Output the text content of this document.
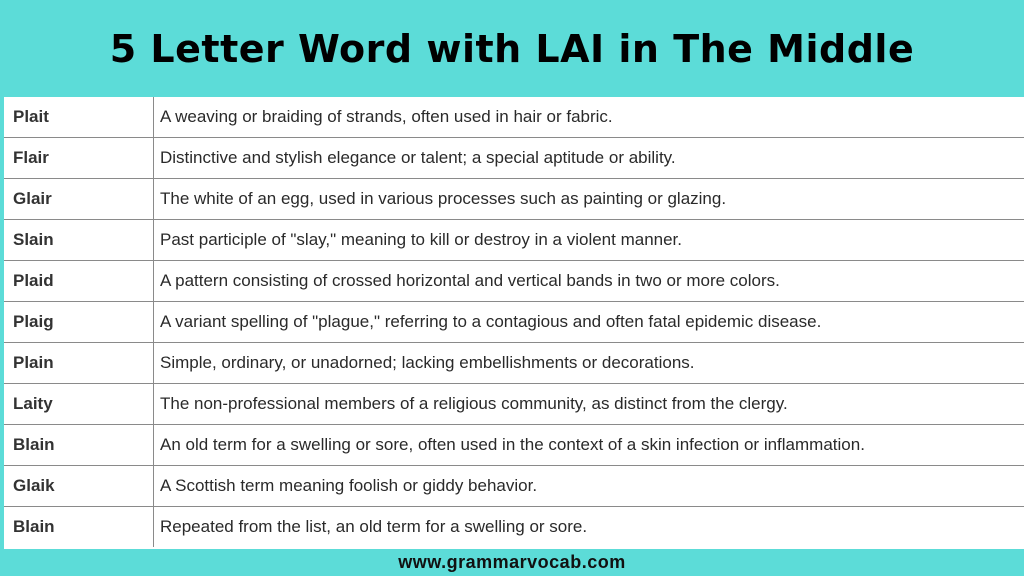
5 Letter Word with LAI in The Middle
Plait	A weaving or braiding of strands, often used in hair or fabric.
Flair	Distinctive and stylish elegance or talent; a special aptitude or ability.
Glair	The white of an egg, used in various processes such as painting or glazing.
Slain	Past participle of "slay," meaning to kill or destroy in a violent manner.
Plaid	A pattern consisting of crossed horizontal and vertical bands in two or more colors.
Plaig	A variant spelling of "plague," referring to a contagious and often fatal epidemic disease.
Plain	Simple, ordinary, or unadorned; lacking embellishments or decorations.
Laity	The non-professional members of a religious community, as distinct from the clergy.
Blain	An old term for a swelling or sore, often used in the context of a skin infection or inflammation.
Glaik	A Scottish term meaning foolish or giddy behavior.
Blain	Repeated from the list, an old term for a swelling or sore.
www.grammarvocab.com
